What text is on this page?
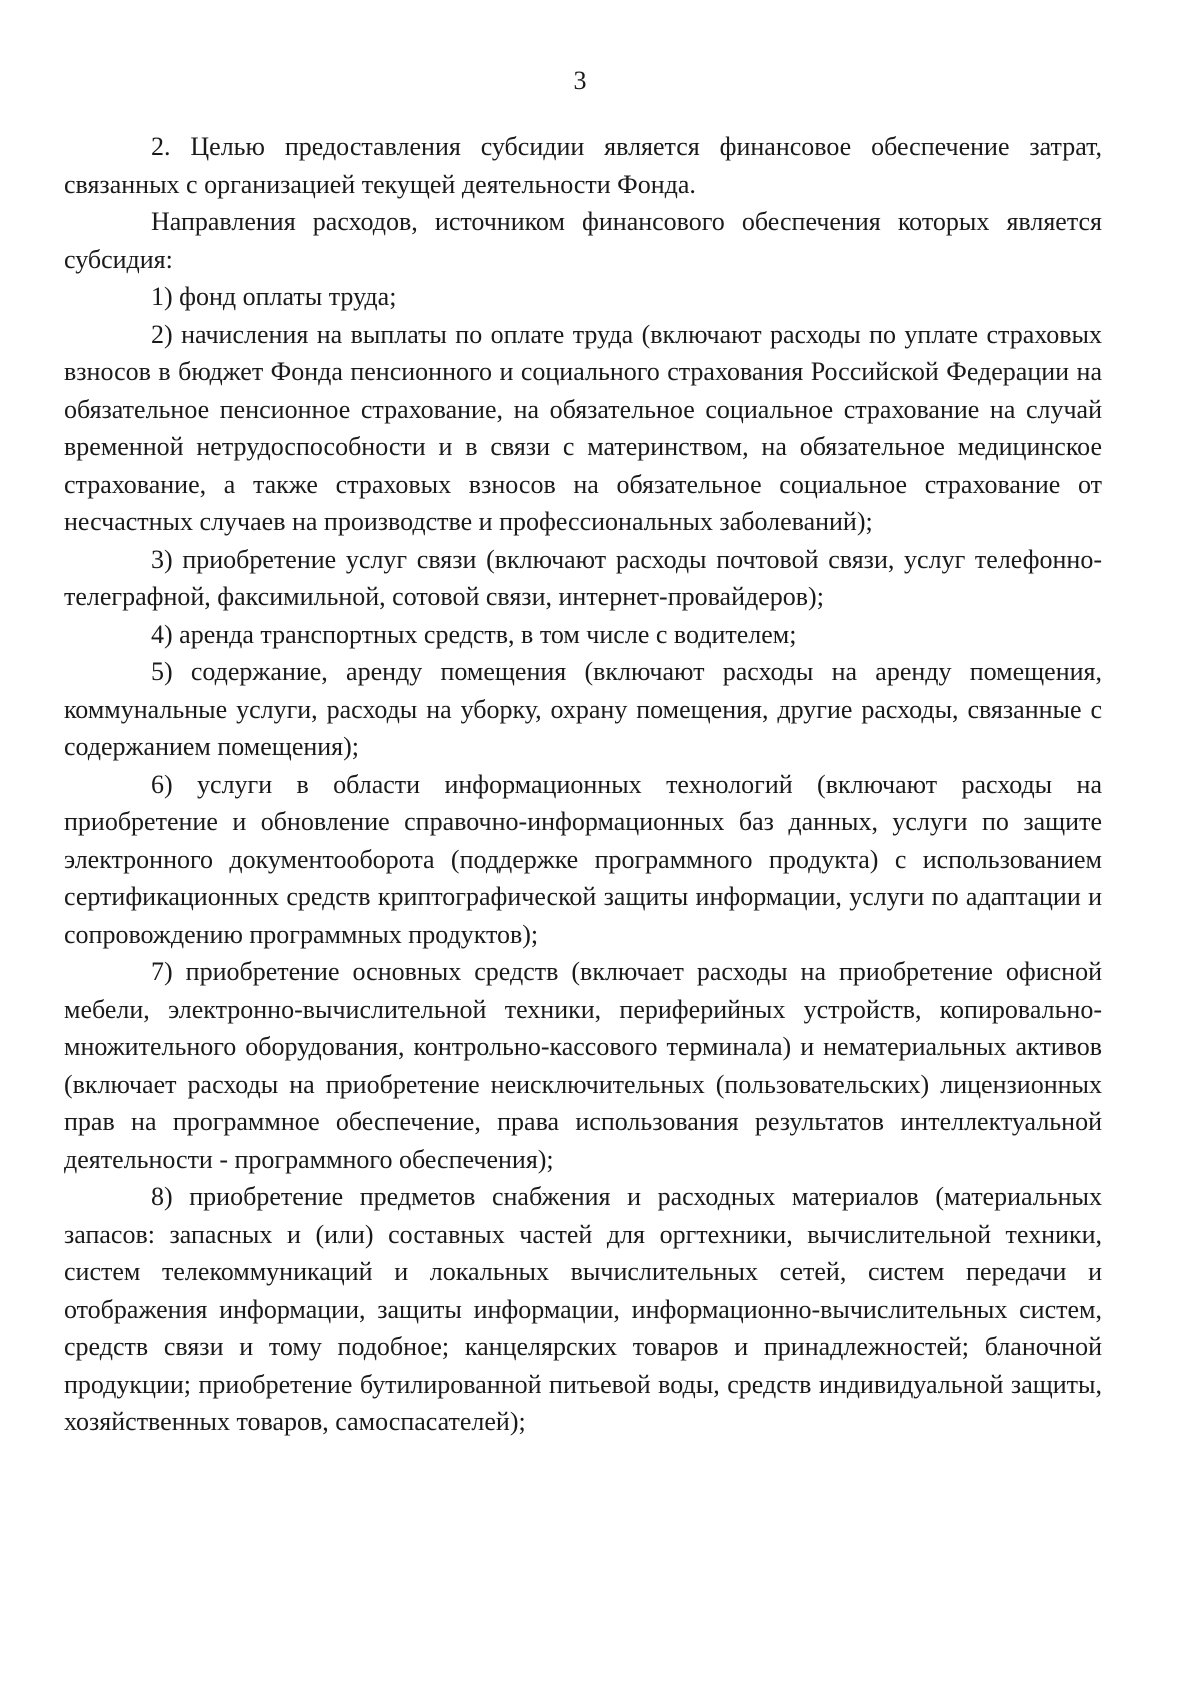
3

2. Целью предоставления субсидии является финансовое обеспечение затрат, связанных с организацией текущей деятельности Фонда.

Направления расходов, источником финансового обеспечения которых является субсидия:

1) фонд оплаты труда;

2) начисления на выплаты по оплате труда (включают расходы по уплате страховых взносов в бюджет Фонда пенсионного и социального страхования Российской Федерации на обязательное пенсионное страхование, на обязательное социальное страхование на случай временной нетрудоспособности и в связи с материнством, на обязательное медицинское страхование, а также страховых взносов на обязательное социальное страхование от несчастных случаев на производстве и профессиональных заболеваний);

3) приобретение услуг связи (включают расходы почтовой связи, услуг телефонно-телеграфной, факсимильной, сотовой связи, интернет-провайдеров);

4) аренда транспортных средств, в том числе с водителем;

5) содержание, аренду помещения (включают расходы на аренду помещения, коммунальные услуги, расходы на уборку, охрану помещения, другие расходы, связанные с содержанием помещения);

6) услуги в области информационных технологий (включают расходы на приобретение и обновление справочно-информационных баз данных, услуги по защите электронного документооборота (поддержке программного продукта) с использованием сертификационных средств криптографической защиты информации, услуги по адаптации и сопровождению программных продуктов);

7) приобретение основных средств (включает расходы на приобретение офисной мебели, электронно-вычислительной техники, периферийных устройств, копировально-множительного оборудования, контрольно-кассового терминала) и нематериальных активов (включает расходы на приобретение неисключительных (пользовательских) лицензионных прав на программное обеспечение, права использования результатов интеллектуальной деятельности - программного обеспечения);

8) приобретение предметов снабжения и расходных материалов (материальных запасов: запасных и (или) составных частей для оргтехники, вычислительной техники, систем телекоммуникаций и локальных вычислительных сетей, систем передачи и отображения информации, защиты информации, информационно-вычислительных систем, средств связи и тому подобное; канцелярских товаров и принадлежностей; бланочной продукции; приобретение бутилированной питьевой воды, средств индивидуальной защиты, хозяйственных товаров, самоспасателей);
